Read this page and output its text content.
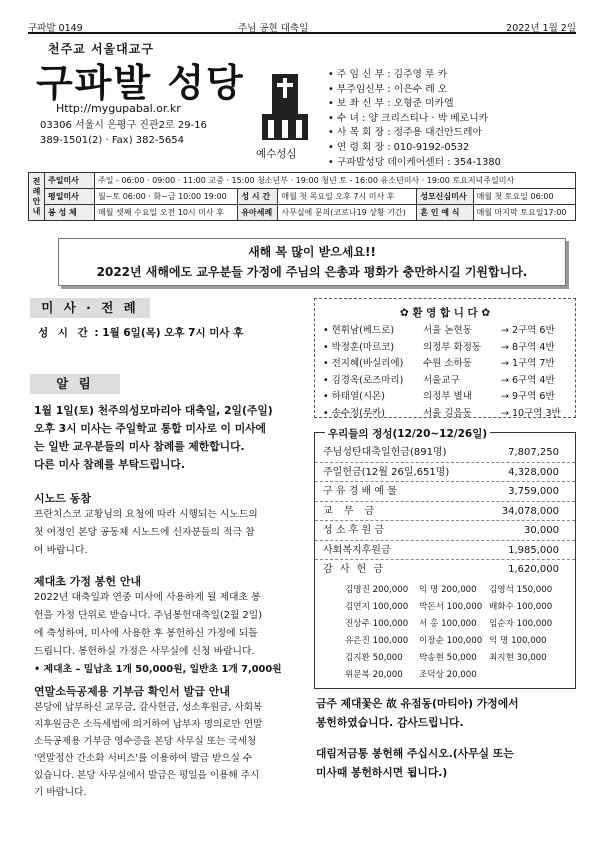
구파발 0149	주님 공현 대축일	2022년 1월 2일
천주교 서울대교구
구파발 성당
Http://mygupabal.or.kr
03306 서울시 은평구 진관2로 29-16
389-1501(2) · Fax) 382-5654
예수성심
• 주 임 신 부 : 김주영 루 카
• 부주임신부 : 이은수 레 오
• 보 좌 신 부 : 오형준 미카엘
• 수 녀 : 양 크리스티나 · 박 베로니카
• 사 목 회 장 : 정주용 대건안드레아
• 연 령 회 장 : 010-9192-0532
• 구파발성당 데이케어센터 : 354-1380
전례안내	주일미사	주일 - 06:00 · 09:00 · 11:00 교중 · 15:00 청소년부 · 19:00 청년 토 - 16:00 유소년미사 · 19:00 토요저녁주일미사				
	평일미사	월~토 06:00 · 화~금 10:00 19:00	성 시 간	매월 첫 목요일 오후 7시 미사 후	성모신심미사	매월 첫 토요일 06:00
	봉 성 체	매월 셋째 수요일 오전 10시 미사 후	유아세례	사무실에 문의(코로나19 상황 기간)	혼 인 예 식	매월 마지막 토요일17:00
새해 복 많이 받으세요!!
2022년 새해에도 교우분들 가정에 주님의 은총과 평화가 충만하시길 기원합니다.
미 사 · 전 례
성 시 간 : 1월 6일(목) 오후 7시 미사 후
알 림
1월 1일(토) 천주의성모마리아 대축일, 2일(주일)
오후 3시 미사는 주일학교 통합 미사로 이 미사에
는 일반 교우분들의 미사 참례를 제한합니다.
다른 미사 참례를 부탁드립니다.
시노드 동참
프란치스코 교황님의 요청에 따라 시행되는 시노드의
첫 여정인 본당 공동체 시노드에 신자분들의 적극 참
여 바랍니다.
제대초 가정 봉헌 안내
2022년 대축일과 연중 미사에 사용하게 될 제대초 봉
헌을 가정 단위로 받습니다. 주님봉헌대축일(2월 2일)
에 축성하여, 미사에 사용한 후 봉헌하신 가정에 되돌
드립니다. 봉헌하실 가정은 사무실에 신청 바랍니다.
• 제대초 – 밀납초 1개 50,000원, 일반초 1개 7,000원
연말소득공제용 기부금 확인서 발급 안내
본당에 납부하신 교무금, 감사헌금, 성소후원금, 사회복
지후원금은 소득세법에 의거하여 납부자 명의로만 연말
소득공제용 기부금 영수증을 본당 사무실 또는 국세청
'연말정산 간소화 서비스'를 이용하여 발급 받으실 수
있습니다. 본당 사무실에서 발급은 평일을 이용해 주시
기 바랍니다.
✿ 환 영 합 니 다 ✿
• 현휘남(베드로)	서울 논현동	→ 2구역 6반
• 박정훈(마르코)	의정부 화정동 → 8구역 4반
• 전지혜(바실리에) 수원 소하동	→ 1구역 7반
• 김경옥(로즈마리) 서울교구	→ 6구역 4반
• 하태열(시몬)	의정부 별내	→ 9구역 6반
• 송수정(루카)	서울 길음동	→ 10구역 3반
우리들의 정성(12/20~12/26일)
주님성탄대축일헌금(891명)	7,807,250
주일헌금(12월 26일,651명)	4,328,000
구 유 경 배 예 물	3,759,000
교 무 금	34,078,000
성 소 후 원 금	30,000
사회복지후원금	1,985,000
감 사 헌 금	1,620,000
김명진 200,000 익 명 200,000 김영석 150,000
김연지 100,000 박돈서 100,000 배화수 100,000
진상주 100,000 서 홍 100,000 임순자 100,000
유은진 100,000 이장순 100,000 익 명 100,000
김지환 50,000 박송현 50,000 최지현 30,000
위문복 20,000 조덕상 20,000
금주 제대꽃은 故 유점동(마티아) 가정에서
봉헌하였습니다. 감사드립니다.
대림저금통 봉헌해 주십시오.(사무실 또는
미사때 봉헌하시면 됩니다.)
